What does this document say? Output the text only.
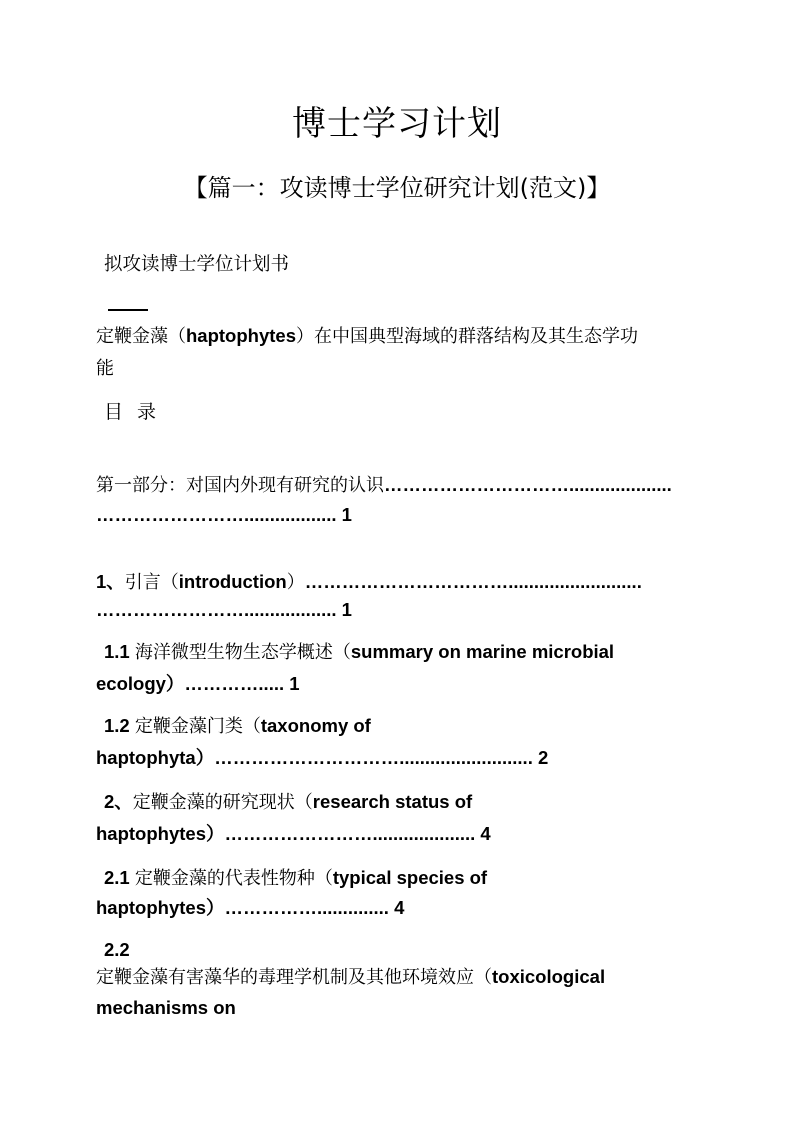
博士学习计划
【篇一：攻读博士学位研究计划(范文)】
拟攻读博士学位计划书
定鞭金藻（haptophytes）在中国典型海域的群落结构及其生态学功
能
目 录
第一部分：对国内外现有研究的认识…………………………....................
…………………….................. 1
1、引言（introduction）……………………………..........................
…………………….................. 1
1.1 海洋微型生物生态学概述（summary on marine microbial
ecology）…………..... 1
1.2 定鞭金藻门类（taxonomy of
haptophyta）………………………….......................... 2
2、定鞭金藻的研究现状（research status of
haptophytes）…………………….................... 4
2.1 定鞭金藻的代表性物种（typical species of
haptophytes）…………….............. 4
2.2
定鞭金藻有害藻华的毒理学机制及其他环境效应（toxicological
mechanisms on
